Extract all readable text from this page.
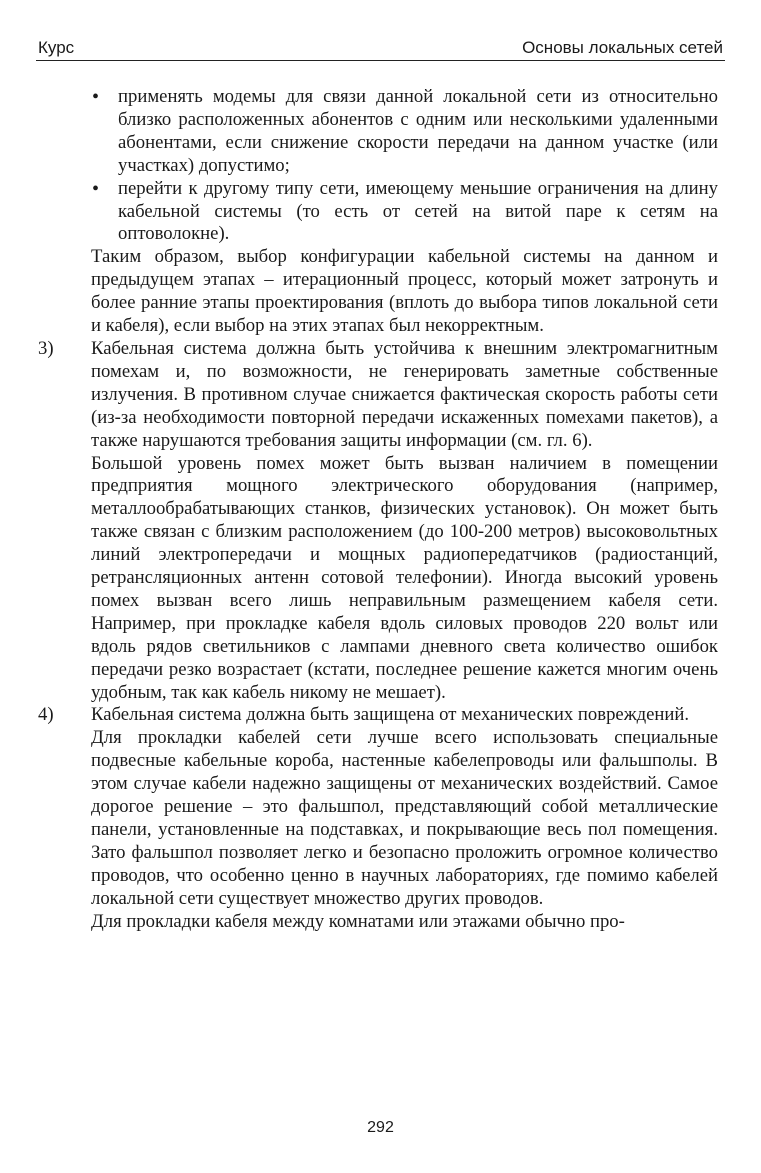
Курс	Основы локальных сетей
• применять модемы для связи данной локальной сети из относительно близко расположенных абонентов с одним или несколькими удаленными абонентами, если снижение скорости передачи на данном участке (или участках) допустимо;
• перейти к другому типу сети, имеющему меньшие ограничения на длину кабельной системы (то есть от сетей на витой паре к сетям на оптоволокне).
Таким образом, выбор конфигурации кабельной системы на данном и предыдущем этапах – итерационный процесс, который может затронуть и более ранние этапы проектирования (вплоть до выбора типов локальной сети и кабеля), если выбор на этих этапах был некорректным.
3) Кабельная система должна быть устойчива к внешним электромагнитным помехам и, по возможности, не генерировать заметные собственные излучения. В противном случае снижается фактическая скорость работы сети (из-за необходимости повторной передачи искаженных помехами пакетов), а также нарушаются требования защиты информации (см. гл. 6).
Большой уровень помех может быть вызван наличием в помещении предприятия мощного электрического оборудования (например, металлообрабатывающих станков, физических установок). Он может быть также связан с близким расположением (до 100-200 метров) высоковольтных линий электропередачи и мощных радиопередатчиков (радиостанций, ретрансляционных антенн сотовой телефонии). Иногда высокий уровень помех вызван всего лишь неправильным размещением кабеля сети. Например, при прокладке кабеля вдоль силовых проводов 220 вольт или вдоль рядов светильников с лампами дневного света количество ошибок передачи резко возрастает (кстати, последнее решение кажется многим очень удобным, так как кабель никому не мешает).
4) Кабельная система должна быть защищена от механических повреждений.
Для прокладки кабелей сети лучше всего использовать специальные подвесные кабельные короба, настенные кабелепроводы или фальшполы. В этом случае кабели надежно защищены от механических воздействий. Самое дорогое решение – это фальшпол, представляющий собой металлические панели, установленные на подставках, и покрывающие весь пол помещения. Зато фальшпол позволяет легко и безопасно проложить огромное количество проводов, что особенно ценно в научных лабораториях, где помимо кабелей локальной сети существует множество других проводов.
Для прокладки кабеля между комнатами или этажами обычно про-
292
